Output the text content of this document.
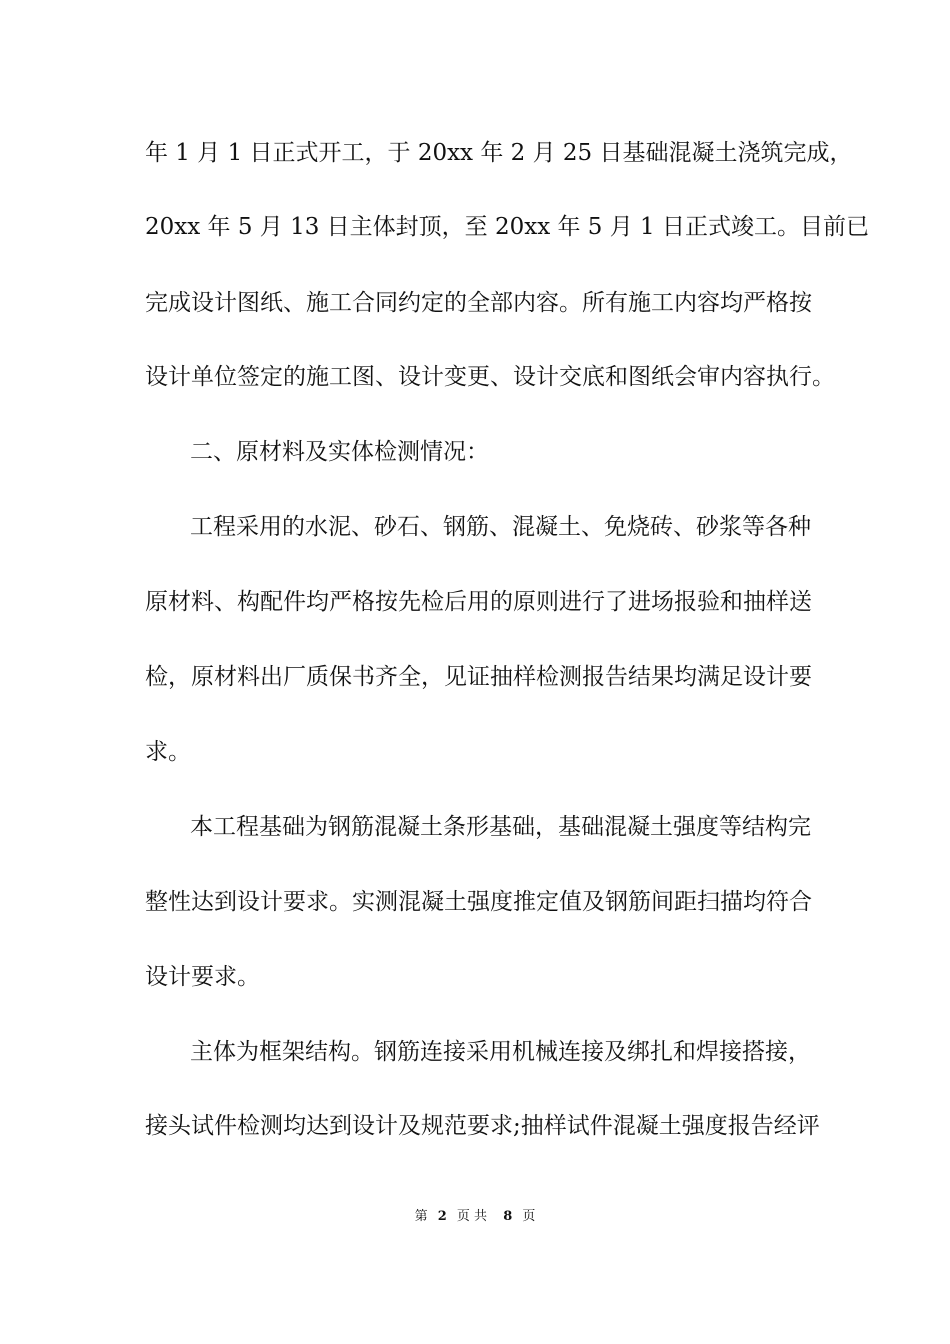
年 1 月 1 日正式开工，于 20xx 年 2 月 25 日基础混凝土浇筑完成，

20xx 年 5 月 13 日主体封顶，至 20xx 年 5 月 1 日正式竣工。目前已

完成设计图纸、施工合同约定的全部内容。所有施工内容均严格按

设计单位签定的施工图、设计变更、设计交底和图纸会审内容执行。

二、原材料及实体检测情况：

工程采用的水泥、砂石、钢筋、混凝土、免烧砖、砂浆等各种

原材料、构配件均严格按先检后用的原则进行了进场报验和抽样送

检，原材料出厂质保书齐全，见证抽样检测报告结果均满足设计要

求。

本工程基础为钢筋混凝土条形基础，基础混凝土强度等结构完

整性达到设计要求。实测混凝土强度推定值及钢筋间距扫描均符合

设计要求。

主体为框架结构。钢筋连接采用机械连接及绑扎和焊接搭接，

接头试件检测均达到设计及规范要求;抽样试件混凝土强度报告经评

第 2 页 共 8 页
